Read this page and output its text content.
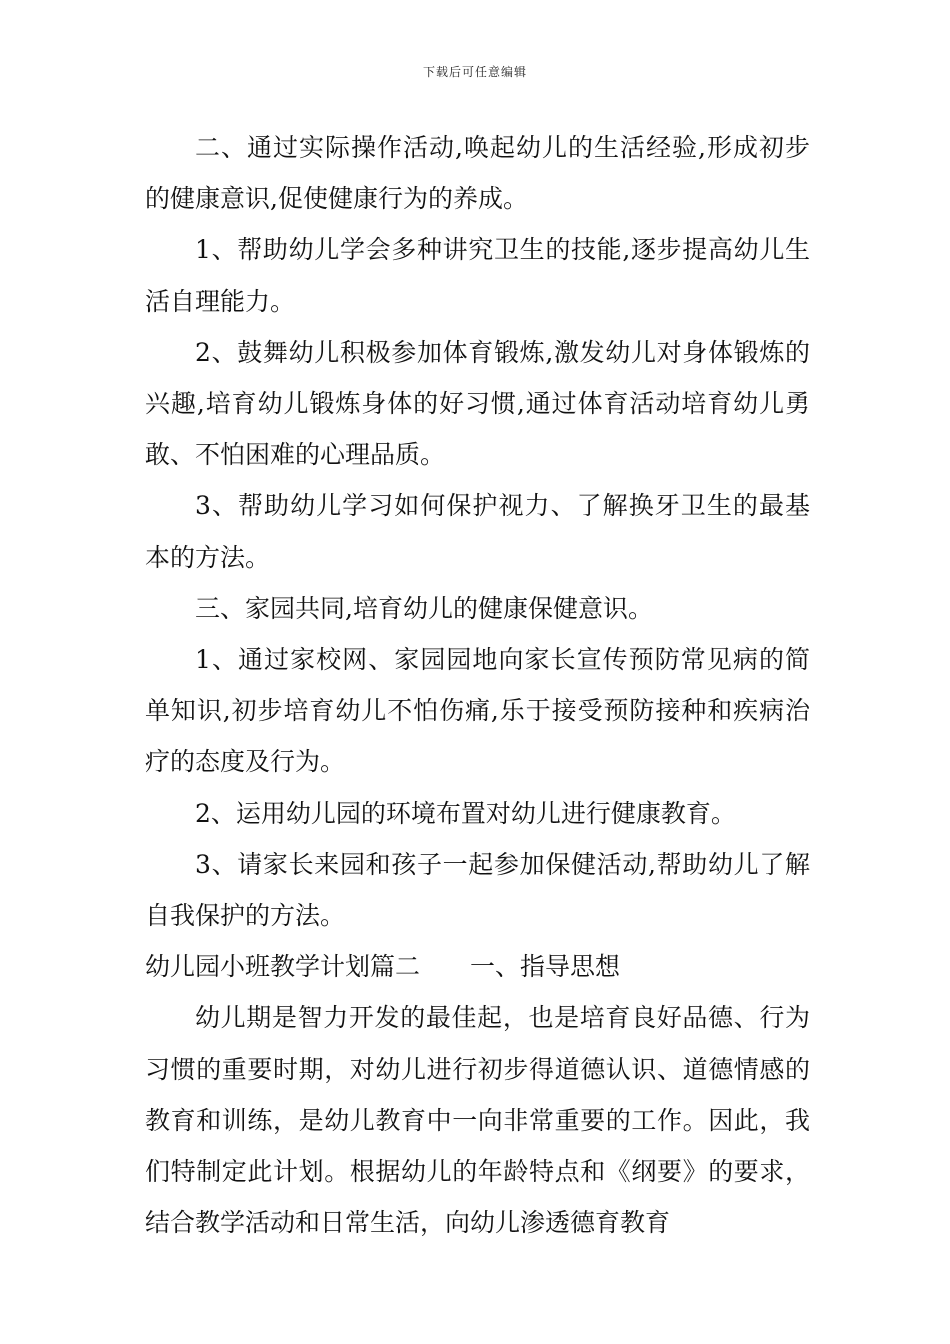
下载后可任意编辑

二、通过实际操作活动,唤起幼儿的生活经验,形成初步的健康意识,促使健康行为的养成。

1、帮助幼儿学会多种讲究卫生的技能,逐步提高幼儿生活自理能力。

2、鼓舞幼儿积极参加体育锻炼,激发幼儿对身体锻炼的兴趣,培育幼儿锻炼身体的好习惯,通过体育活动培育幼儿勇敢、不怕困难的心理品质。

3、帮助幼儿学习如何保护视力、了解换牙卫生的最基本的方法。

三、家园共同,培育幼儿的健康保健意识。

1、通过家校网、家园园地向家长宣传预防常见病的简单知识,初步培育幼儿不怕伤痛,乐于接受预防接种和疾病治疗的态度及行为。

2、运用幼儿园的环境布置对幼儿进行健康教育。

3、请家长来园和孩子一起参加保健活动,帮助幼儿了解自我保护的方法。

幼儿园小班教学计划篇二　　一、指导思想

幼儿期是智力开发的最佳起，也是培育良好品德、行为习惯的重要时期，对幼儿进行初步得道德认识、道德情感的教育和训练，是幼儿教育中一向非常重要的工作。因此，我们特制定此计划。根据幼儿的年龄特点和《纲要》的要求，结合教学活动和日常生活，向幼儿渗透德育教育
